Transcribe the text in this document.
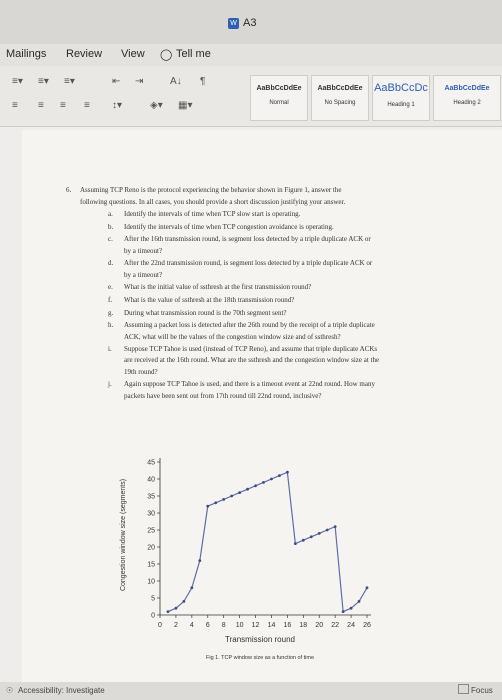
W A3
Mailings Review View ◯ Tell me
≡▾ ≡▾ ≡▾	⇤ ⇥	A↓ ¶
≡ ≡ ≡ ≡ ↕▾	◈▾ ▦▾
AaBbCcDdEe
Normal
AaBbCcDdEe
No Spacing
AaBbCcDc
Heading 1
AaBbCcDdEe
Heading 2
6. Assuming TCP Reno is the protocol experiencing the behavior shown in Figure 1, answer the
following questions. In all cases, you should provide a short discussion justifying your answer.
a. Identify the intervals of time when TCP slow start is operating.
b. Identify the intervals of time when TCP congestion avoidance is operating.
c. After the 16th transmission round, is segment loss detected by a triple duplicate ACK or
by a timeout?
d. After the 22nd transmission round, is segment loss detected by a triple duplicate ACK or
by a timeout?
e. What is the initial value of ssthresh at the first transmission round?
f. What is the value of ssthresh at the 18th transmission round?
g. During what transmission round is the 70th segment sent?
h. Assuming a packet loss is detected after the 26th round by the receipt of a triple duplicate
ACK, what will be the values of the congestion window size and of ssthresh?
i. Suppose TCP Tahoe is used (instead of TCP Reno), and assume that triple duplicate ACKs
are received at the 16th round. What are the ssthresh and the congestion window size at the
19th round?
j. Again suppose TCP Tahoe is used, and there is a timeout event at 22nd round. How many
packets have been sent out from 17th round till 22nd round, inclusive?
0
5
10
15
20
25
30
35
40
45
0 2 4 6 8 10 12 14 16 18 20 22 24 26
Congestion window size (segments)
Transmission round
Fig 1. TCP window size as a function of time
☉ Accessibility: Investigate	Focus
